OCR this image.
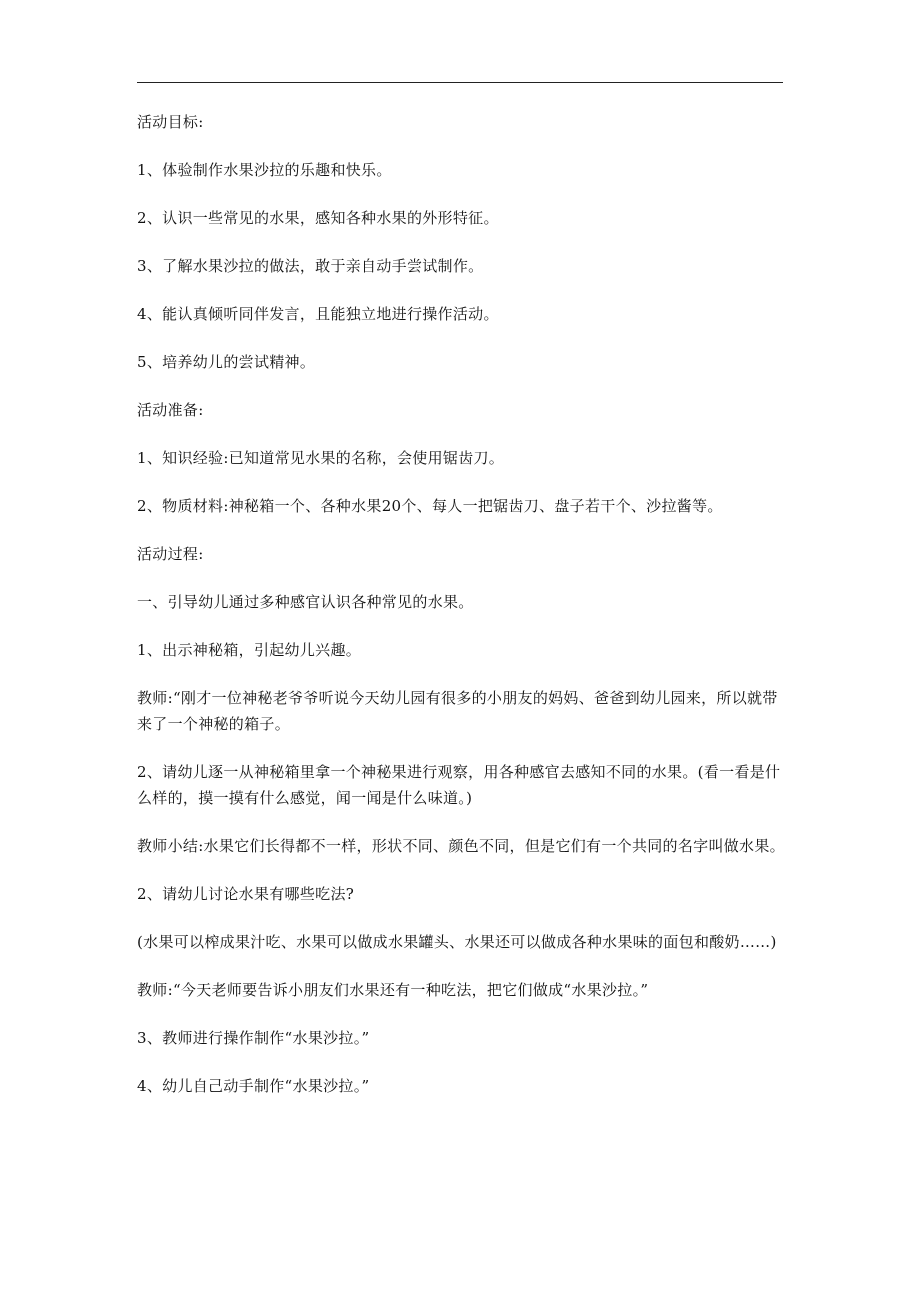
活动目标:

1、体验制作水果沙拉的乐趣和快乐。

2、认识一些常见的水果，感知各种水果的外形特征。

3、了解水果沙拉的做法，敢于亲自动手尝试制作。

4、能认真倾听同伴发言，且能独立地进行操作活动。

5、培养幼儿的尝试精神。

活动准备:

1、知识经验:已知道常见水果的名称，会使用锯齿刀。

2、物质材料:神秘箱一个、各种水果20个、每人一把锯齿刀、盘子若干个、沙拉酱等。

活动过程:

一、引导幼儿通过多种感官认识各种常见的水果。

1、出示神秘箱，引起幼儿兴趣。

教师:“刚才一位神秘老爷爷听说今天幼儿园有很多的小朋友的妈妈、爸爸到幼儿园来，所以就带来了一个神秘的箱子。

2、请幼儿逐一从神秘箱里拿一个神秘果进行观察，用各种感官去感知不同的水果。(看一看是什么样的，摸一摸有什么感觉，闻一闻是什么味道。)

教师小结:水果它们长得都不一样，形状不同、颜色不同，但是它们有一个共同的名字叫做水果。

2、请幼儿讨论水果有哪些吃法?

(水果可以榨成果汁吃、水果可以做成水果罐头、水果还可以做成各种水果味的面包和酸奶……)

教师:“今天老师要告诉小朋友们水果还有一种吃法，把它们做成“水果沙拉。”

3、教师进行操作制作“水果沙拉。”

4、幼儿自己动手制作“水果沙拉。”
